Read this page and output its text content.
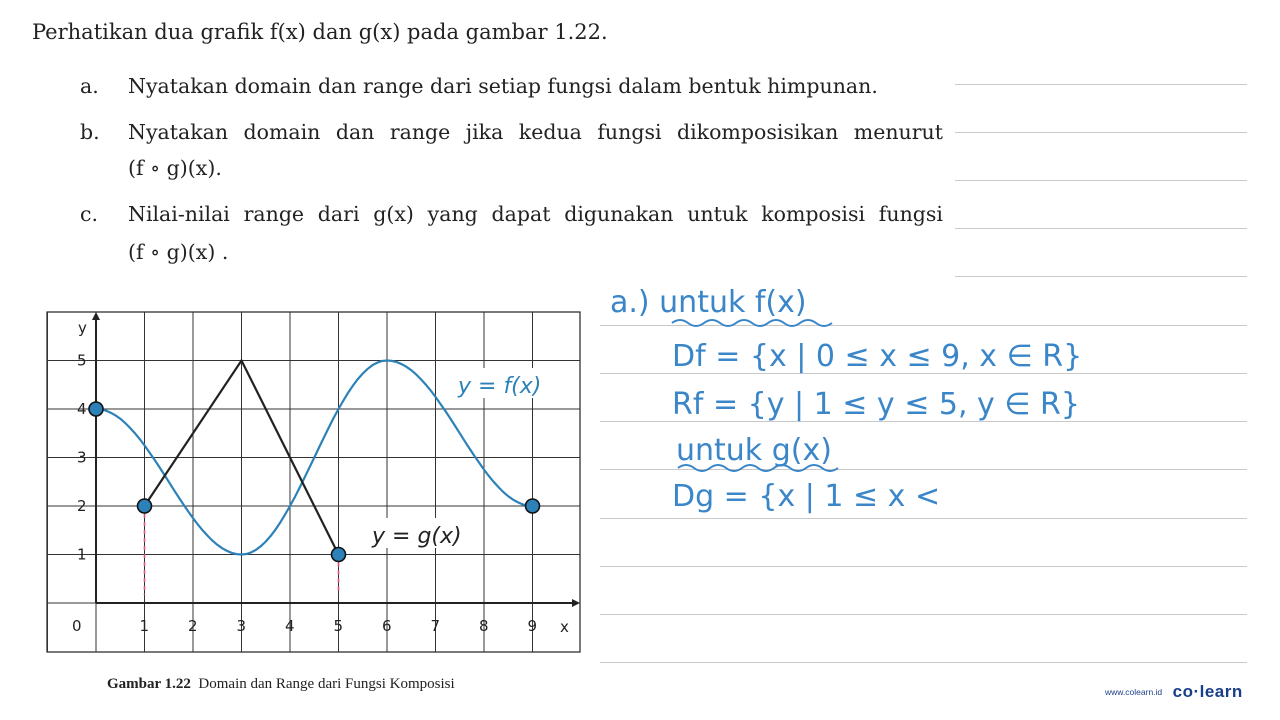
Perhatikan dua grafik f(x) dan g(x) pada gambar 1.22.
a. Nyatakan domain dan range dari setiap fungsi dalam bentuk himpunan.
b. Nyatakan domain dan range jika kedua fungsi dikomposisikan menurut
(f ∘ g)(x).
c. Nilai-nilai range dari g(x) yang dapat digunakan untuk komposisi fungsi
(f ∘ g)(x) .
1	2	3	4	5	6	7	8	9
1
2
3
4
5
y
x
0
y = f(x)
y = g(x)
Gambar 1.22 Domain dan Range dari Fungsi Komposisi
a.) untuk f(x)
Df = {x | 0 ≤ x ≤ 9, x ∈ R}
Rf = {y | 1 ≤ y ≤ 5, y ∈ R}
untuk g(x)
Dg = {x | 1 ≤ x <
www.colearn.id co·learn
